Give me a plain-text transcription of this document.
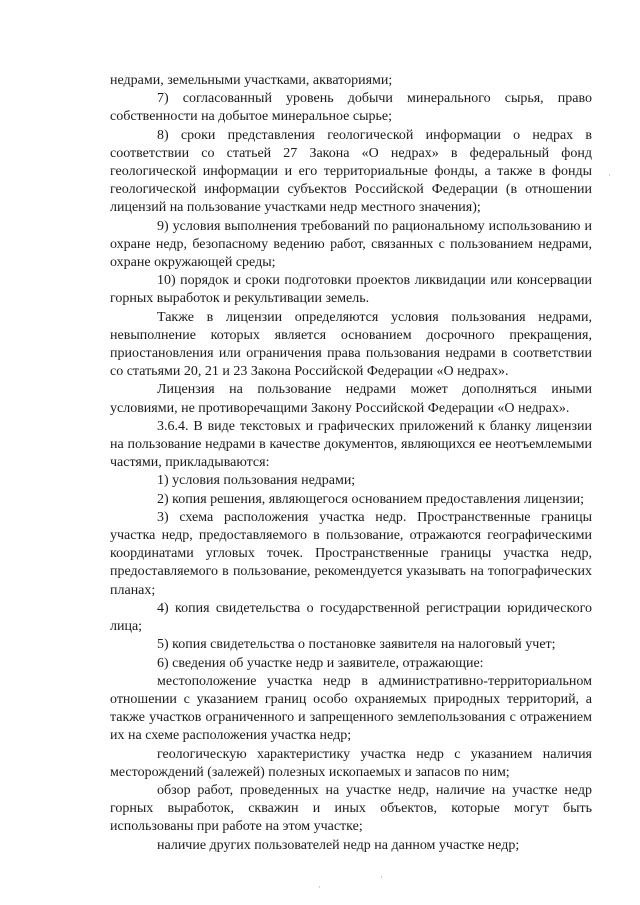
недрами, земельными участками, акваториями;

7) согласованный уровень добычи минерального сырья, право собственности на добытое минеральное сырье;

8) сроки представления геологической информации о недрах в соответствии со статьей 27 Закона «О недрах» в федеральный фонд геологической информации и его территориальные фонды, а также в фонды геологической информации субъектов Российской Федерации (в отношении лицензий на пользование участками недр местного значения);

9) условия выполнения требований по рациональному использованию и охране недр, безопасному ведению работ, связанных с пользованием недрами, охране окружающей среды;

10) порядок и сроки подготовки проектов ликвидации или консервации горных выработок и рекультивации земель.

Также в лицензии определяются условия пользования недрами, невыполнение которых является основанием досрочного прекращения, приостановления или ограничения права пользования недрами в соответствии со статьями 20, 21 и 23 Закона Российской Федерации «О недрах».

Лицензия на пользование недрами может дополняться иными условиями, не противоречащими Закону Российской Федерации «О недрах».

3.6.4. В виде текстовых и графических приложений к бланку лицензии на пользование недрами в качестве документов, являющихся ее неотъемлемыми частями, прикладываются:

1) условия пользования недрами;

2) копия решения, являющегося основанием предоставления лицензии;

3) схема расположения участка недр. Пространственные границы участка недр, предоставляемого в пользование, отражаются географическими координатами угловых точек. Пространственные границы участка недр, предоставляемого в пользование, рекомендуется указывать на топографических планах;

4) копия свидетельства о государственной регистрации юридического лица;

5) копия свидетельства о постановке заявителя на налоговый учет;

6) сведения об участке недр и заявителе, отражающие:

местоположение участка недр в административно-территориальном отношении с указанием границ особо охраняемых природных территорий, а также участков ограниченного и запрещенного землепользования с отражением их на схеме расположения участка недр;

геологическую характеристику участка недр с указанием наличия месторождений (залежей) полезных ископаемых и запасов по ним;

обзор работ, проведенных на участке недр, наличие на участке недр горных выработок, скважин и иных объектов, которые могут быть использованы при работе на этом участке;

наличие других пользователей недр на данном участке недр;

·
·
·
